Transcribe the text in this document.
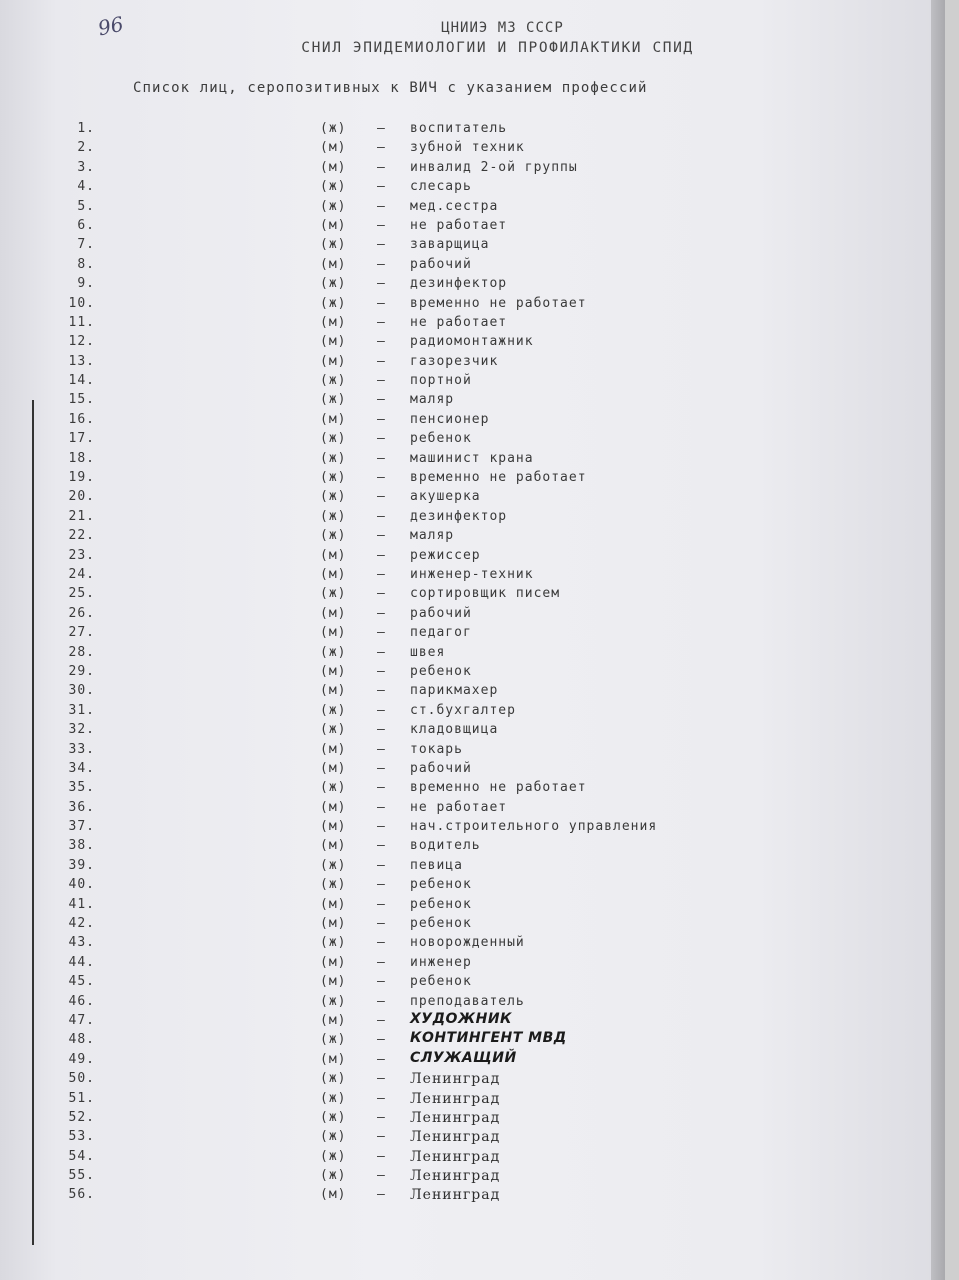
96	ЦНИИЭ МЗ СССР
СНИЛ ЭПИДЕМИОЛОГИИ И ПРОФИЛАКТИКИ СПИД
Список лиц, серопозитивных к ВИЧ с указанием профессий
1.	(ж) – воспитатель
2.	(м) – зубной техник
3.	(м) – инвалид 2-ой группы
4.	(ж) – слесарь
5.	(ж) – мед.сестра
6.	(м) – не работает
7.	(ж) – заварщица
8.	(м) – рабочий
9.	(ж) – дезинфектор
10.	(ж) – временно не работает
11.	(м) – не работает
12.	(м) – радиомонтажник
13.	(м) – газорезчик
14.	(ж) – портной
15.	(ж) – маляр
16.	(м) – пенсионер
17.	(ж) – ребенок
18.	(ж) – машинист крана
19.	(ж) – временно не работает
20.	(ж) – акушерка
21.	(ж) – дезинфектор
22.	(ж) – маляр
23.	(м) – режиссер
24.	(м) – инженер-техник
25.	(ж) – сортировщик писем
26.	(м) – рабочий
27.	(м) – педагог
28.	(ж) – швея
29.	(м) – ребенок
30.	(м) – парикмахер
31.	(ж) – ст.бухгалтер
32.	(ж) – кладовщица
33.	(м) – токарь
34.	(м) – рабочий
35.	(ж) – временно не работает
36.	(м) – не работает
37.	(м) – нач.строительного управления
38.	(м) – водитель
39.	(ж) – певица
40.	(ж) – ребенок
41.	(м) – ребенок
42.	(м) – ребенок
43.	(ж) – новорожденный
44.	(м) – инженер
45.	(м) – ребенок
46.	(ж) – преподаватель
47.	(м) – ХУДОЖНИК
48.	(ж) – КОНТИНГЕНТ МВД
49.	(м) – СЛУЖАЩИЙ
50.	(ж) – Ленинград
51.	(ж) – Ленинград
52.	(ж) – Ленинград
53.	(ж) – Ленинград
54.	(ж) – Ленинград
55.	(ж) – Ленинград
56.	(м) – Ленинград
